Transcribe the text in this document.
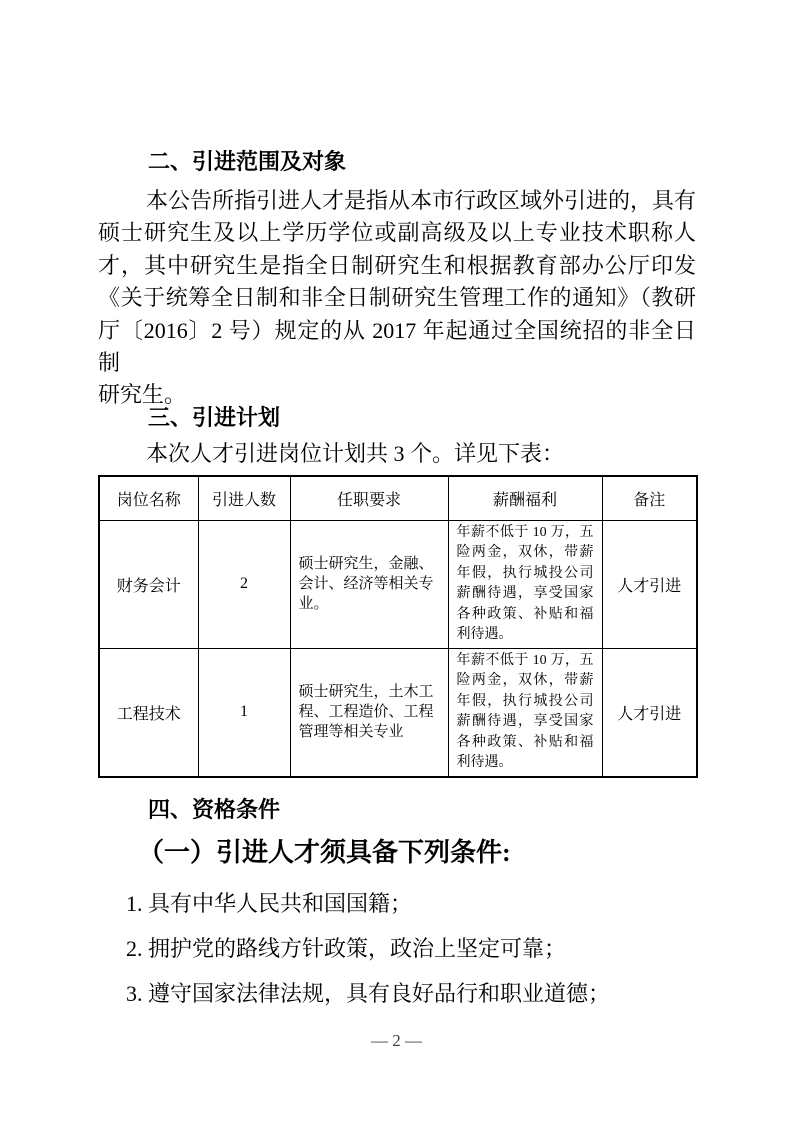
二、引进范围及对象
本公告所指引进人才是指从本市行政区域外引进的，具有
硕士研究生及以上学历学位或副高级及以上专业技术职称人
才，其中研究生是指全日制研究生和根据教育部办公厅印发
《关于统筹全日制和非全日制研究生管理工作的通知》（教研
厅〔2016〕2 号）规定的从 2017 年起通过全国统招的非全日制
研究生。
三、引进计划
本次人才引进岗位计划共 3 个。详见下表：
岗位名称	引进人数	任职要求	薪酬福利	备注
财务会计	2	硕士研究生，金融、会计、经济等相关专业。	年薪不低于 10 万，五险两金，双休，带薪年假，执行城投公司薪酬待遇，享受国家各种政策、补贴和福利待遇。	人才引进
工程技术	1	硕士研究生，土木工程、工程造价、工程管理等相关专业	年薪不低于 10 万，五险两金，双休，带薪年假，执行城投公司薪酬待遇，享受国家各种政策、补贴和福利待遇。	人才引进
四、资格条件
（一）引进人才须具备下列条件:
1. 具有中华人民共和国国籍；
2. 拥护党的路线方针政策，政治上坚定可靠；
3. 遵守国家法律法规，具有良好品行和职业道德；
— 2 —
